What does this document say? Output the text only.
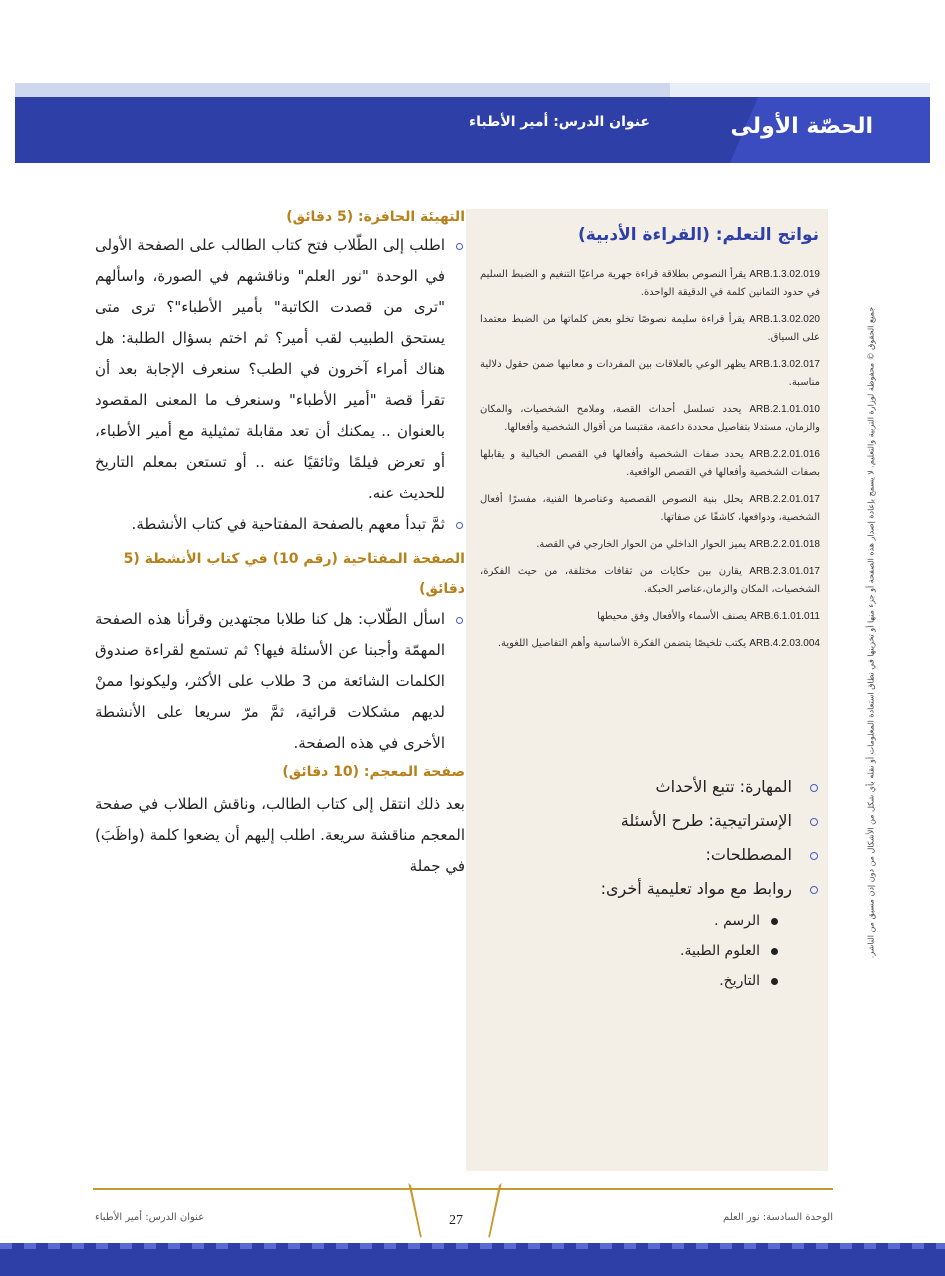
الحصّة الأولى
عنوان الدرس: أمير الأطباء
نواتج التعلم: (القراءة الأدبية)
ARB.1.3.02.019 يقرأ النصوص بطلاقة قراءة جهرية مراعيًا التنغيم و الضبط السليم في حدود الثمانين كلمة في الدقيقة الواحدة.
ARB.1.3.02.020 يقرأ قراءة سليمة نصوصًا تخلو بعض كلماتها من الضبط معتمدا على السياق.
ARB.1.3.02.017 يظهر الوعي بالعلاقات بين المفردات و معانيها ضمن حقول دلالية مناسبة.
ARB.2.1.01.010 يحدد تسلسل أحداث القصة، وملامح الشخصيات، والمكان والزمان، مستدلا بتفاصيل محددة داعمة، مقتبسا من أقوال الشخصية وأفعالها.
ARB.2.2.01.016 يحدد صفات الشخصية وأفعالها في القصص الخيالية و يقابلها بصفات الشخصية وأفعالها في القصص الواقعية.
ARB.2.2.01.017 يحلل بنية النصوص القصصية وعناصرها الفنية، مفسرًا أفعال الشخصية، ودوافعها، كاشفًا عن صفاتها.
ARB.2.2.01.018 يميز الحوار الداخلي من الحوار الخارجي في القصة.
ARB.2.3.01.017 يقارن بين حكايات من ثقافات مختلفة، من حيث الفكرة، الشخصيات، المكان والزمان،عناصر الحبكة.
ARB.6.1.01.011 يصنف الأسماء والأفعال وفق محيطها
ARB.4.2.03.004 يكتب تلخيصًا يتضمن الفكرة الأساسية وأهم التفاصيل اللغوية.
المهارة: تتبع الأحداث
الإستراتيجية: طرح الأسئلة
المصطلحات:
روابط مع مواد تعليمية أخرى:
الرسم .
العلوم الطبية.
التاريخ.
التهيئة الحافزة: (5 دقائق)
اطلب إلى الطّلاب فتح كتاب الطالب على الصفحة الأولى في الوحدة "نور العلم" وناقشهم في الصورة، واسألهم "ترى من قصدت الكاتبة" بأمير الأطباء"؟ ترى متى يستحق الطبيب لقب أمير؟ ثم اختم بسؤال الطلبة: هل هناك أمراء آخرون في الطب؟ سنعرف الإجابة بعد أن تقرأ قصة "أمير الأطباء" وسنعرف ما المعنى المقصود بالعنوان .. يمكنك أن تعد مقابلة تمثيلية مع أمير الأطباء، أو تعرض فيلمًا وثائقيًا عنه .. أو تستعن بمعلم التاريخ للحديث عنه.
ثمَّ تبدأ معهم بالصفحة المفتاحية في كتاب الأنشطة.
الصفحة المفتاحية (رقم 10) في كتاب الأنشطة (5 دقائق)
اسأل الطّلاب: هل كنا طلابا مجتهدين وقرأنا هذه الصفحة المهمّة وأجبنا عن الأسئلة فيها؟ ثم تستمع لقراءة صندوق الكلمات الشائعة من 3 طلاب على الأكثر، وليكونوا ممنْ لديهم مشكلات قرائية، ثمَّ مرّ سريعا على الأنشطة الأخرى في هذه الصفحة.
صفحة المعجم: (10 دقائق)
بعد ذلك انتقل إلى كتاب الطالب، وناقش الطلاب في صفحة المعجم مناقشة سريعة. اطلب إليهم أن يضعوا كلمة (واظَبَ) في جملة	جميع الحقوق © محفوظة لوزارة التربية والتعليم. لا يسمح بإعادة إصدار هذه الصفحة أو جزء منها أو تخزينها في نطاق استعادة المعلومات أو نقله بأي شكل من الأشكال من دون إذن مسبق من الناشر.
عنوان الدرس: أمير الأطباء	الوحدة السادسة: نور العلم
27
